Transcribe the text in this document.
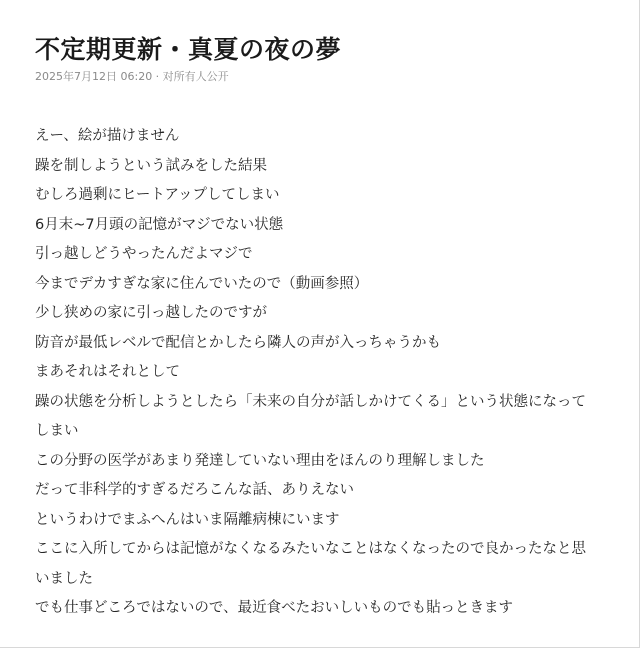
不定期更新・真夏の夜の夢
2025年7月12日 06:20 · 对所有人公开
えー、絵が描けません
躁を制しようという試みをした結果
むしろ過剰にヒートアップしてしまい
6月末~7月頭の記憶がマジでない状態
引っ越しどうやったんだよマジで
今までデカすぎな家に住んでいたので（動画参照）
少し狭めの家に引っ越したのですが
防音が最低レベルで配信とかしたら隣人の声が入っちゃうかも
まあそれはそれとして
躁の状態を分析しようとしたら「未来の自分が話しかけてくる」という状態になって
しまい
この分野の医学があまり発達していない理由をほんのり理解しました
だって非科学的すぎるだろこんな話、ありえない
というわけでまふへんはいま隔離病棟にいます
ここに入所してからは記憶がなくなるみたいなことはなくなったので良かったなと思
いました
でも仕事どころではないので、最近食べたおいしいものでも貼っときます
